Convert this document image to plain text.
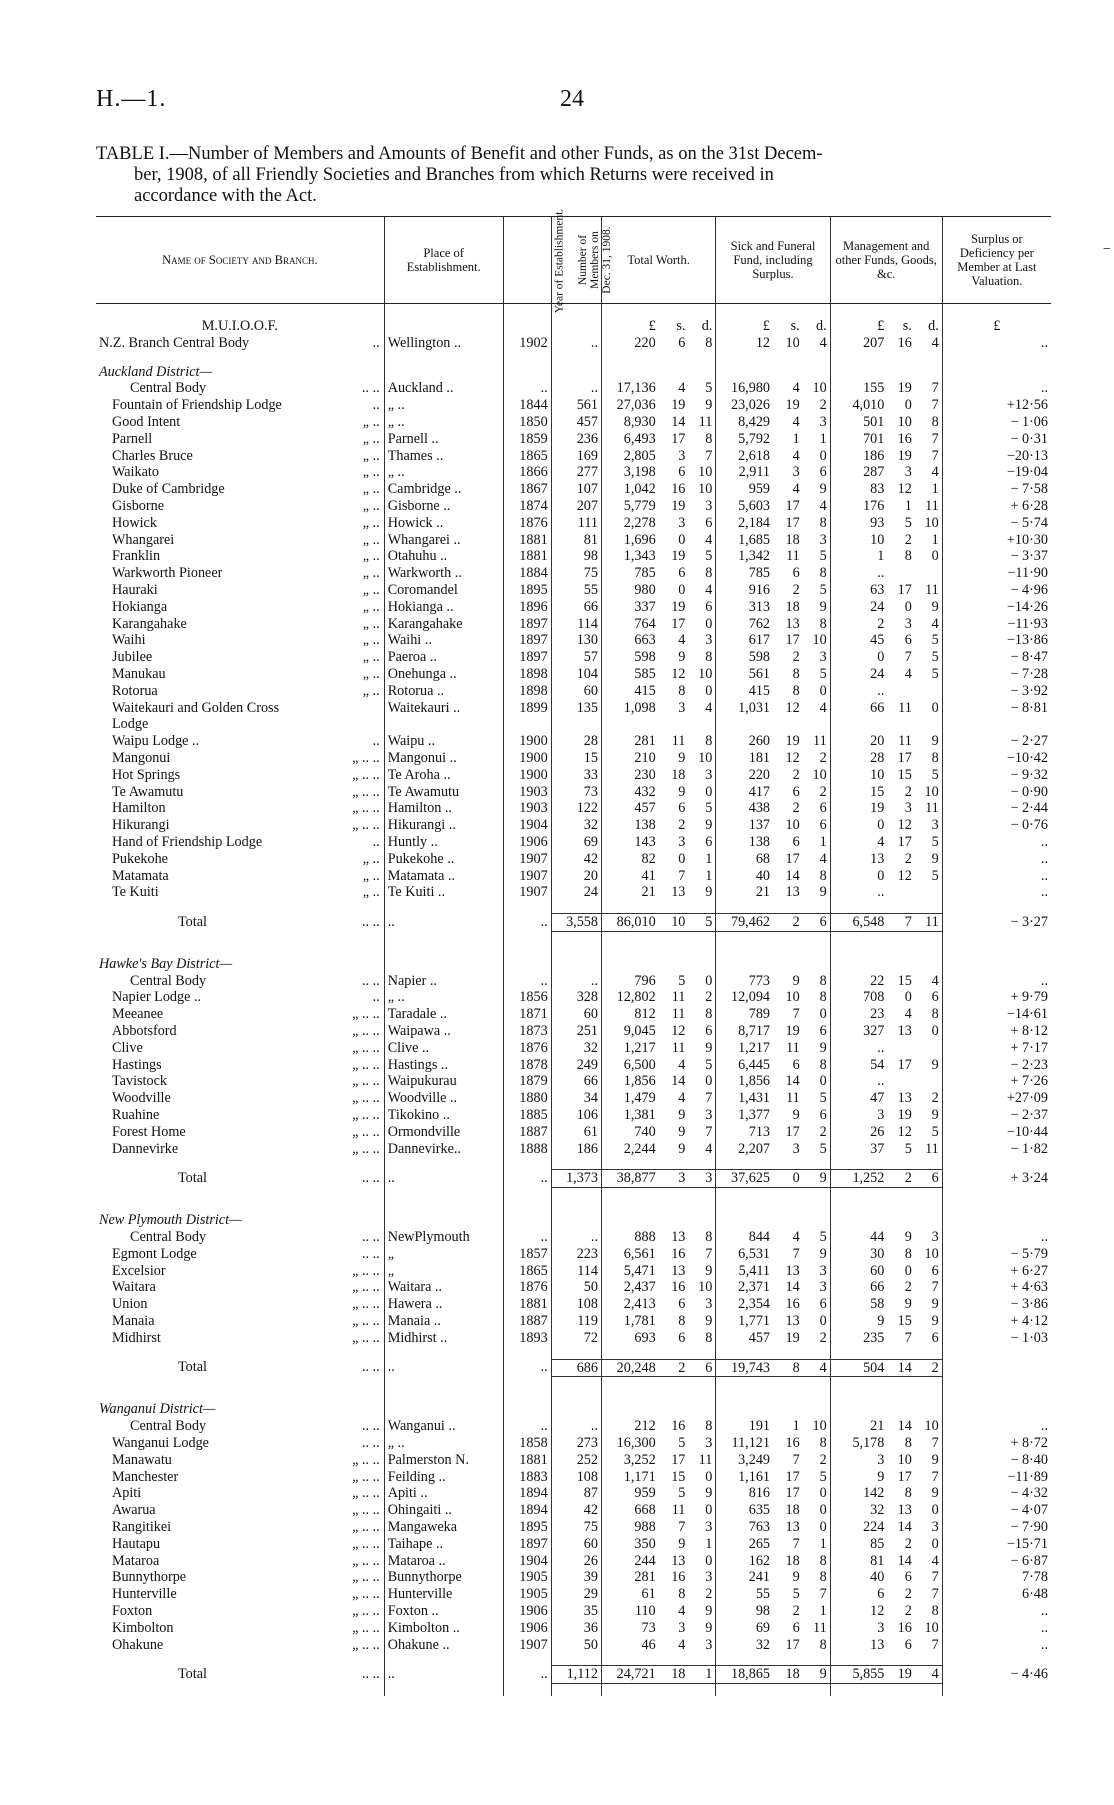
H.—1.	24
TABLE I.—Number of Members and Amounts of Benefit and other Funds, as on the 31st Decem-
ber, 1908, of all Friendly Societies and Branches from which Returns were received in
accordance with the Act.
−
Name of Society and Branch.	Place of Establishment.	Year of Establishment.	Number of Members on Dec. 31, 1908.	Total Worth.			Sick and Funeral Fund, including Surplus.			Management and other Funds, Goods, &c.			Surplus or Deficiency per Member at Last Valuation.
M.U.I.O.O.F.				£	s.	d.	£	s.	d.	£	s.	d.	£
N.Z. Branch Central Body ..	Wellington ..	1902	..	220	6	8	12	10	4	207	16	4	..

Auckland District—													
Central Body .. ..	Auckland ..	..	..	17,136	4	5	16,980	4	10	155	19	7	..
Fountain of Friendship Lodge ..	„ ..	1844	561	27,036	19	9	23,026	19	2	4,010	0	7	+12·56
Good Intent „ ..	„ ..	1850	457	8,930	14	11	8,429	4	3	501	10	8	− 1·06
Parnell „ ..	Parnell ..	1859	236	6,493	17	8	5,792	1	1	701	16	7	− 0·31
Charles Bruce „ ..	Thames ..	1865	169	2,805	3	7	2,618	4	0	186	19	7	−20·13
Waikato „ ..	„ ..	1866	277	3,198	6	10	2,911	3	6	287	3	4	−19·04
Duke of Cambridge „ ..	Cambridge ..	1867	107	1,042	16	10	959	4	9	83	12	1	− 7·58
Gisborne „ ..	Gisborne ..	1874	207	5,779	19	3	5,603	17	4	176	1	11	+ 6·28
Howick „ ..	Howick ..	1876	111	2,278	3	6	2,184	17	8	93	5	10	− 5·74
Whangarei „ ..	Whangarei ..	1881	81	1,696	0	4	1,685	18	3	10	2	1	+10·30
Franklin „ ..	Otahuhu ..	1881	98	1,343	19	5	1,342	11	5	1	8	0	− 3·37
Warkworth Pioneer „ ..	Warkworth ..	1884	75	785	6	8	785	6	8	..			−11·90
Hauraki „ ..	Coromandel	1895	55	980	0	4	916	2	5	63	17	11	− 4·96
Hokianga „ ..	Hokianga ..	1896	66	337	19	6	313	18	9	24	0	9	−14·26
Karangahake „ ..	Karangahake	1897	114	764	17	0	762	13	8	2	3	4	−11·93
Waihi „ ..	Waihi ..	1897	130	663	4	3	617	17	10	45	6	5	−13·86
Jubilee „ ..	Paeroa ..	1897	57	598	9	8	598	2	3	0	7	5	− 8·47
Manukau „ ..	Onehunga ..	1898	104	585	12	10	561	8	5	24	4	5	− 7·28
Rotorua „ ..	Rotorua ..	1898	60	415	8	0	415	8	0	..			− 3·92
Waitekauri and Golden Cross	Waitekauri ..	1899	135	1,098	3	4	1,031	12	4	66	11	0	− 8·81
Lodge													
Waipu Lodge .. ..	Waipu ..	1900	28	281	11	8	260	19	11	20	11	9	− 2·27
Mangonui „ .. ..	Mangonui ..	1900	15	210	9	10	181	12	2	28	17	8	−10·42
Hot Springs „ .. ..	Te Aroha ..	1900	33	230	18	3	220	2	10	10	15	5	− 9·32
Te Awamutu „ .. ..	Te Awamutu	1903	73	432	9	0	417	6	2	15	2	10	− 0·90
Hamilton „ .. ..	Hamilton ..	1903	122	457	6	5	438	2	6	19	3	11	− 2·44
Hikurangi „ .. ..	Hikurangi ..	1904	32	138	2	9	137	10	6	0	12	3	− 0·76
Hand of Friendship Lodge ..	Huntly ..	1906	69	143	3	6	138	6	1	4	17	5	..
Pukekohe „ ..	Pukekohe ..	1907	42	82	0	1	68	17	4	13	2	9	..
Matamata „ ..	Matamata ..	1907	20	41	7	1	40	14	8	0	12	5	..
Te Kuiti „ ..	Te Kuiti ..	1907	24	21	13	9	21	13	9	..			..

Total .. ..	..	..	3,558	86,010	10	5	79,462	2	6	6,548	7	11	− 3·27

Hawke's Bay District—													
Central Body .. ..	Napier ..	..	..	796	5	0	773	9	8	22	15	4	..
Napier Lodge .. ..	„ ..	1856	328	12,802	11	2	12,094	10	8	708	0	6	+ 9·79
Meeanee „ .. ..	Taradale ..	1871	60	812	11	8	789	7	0	23	4	8	−14·61
Abbotsford „ .. ..	Waipawa ..	1873	251	9,045	12	6	8,717	19	6	327	13	0	+ 8·12
Clive „ .. ..	Clive ..	1876	32	1,217	11	9	1,217	11	9	..			+ 7·17
Hastings „ .. ..	Hastings ..	1878	249	6,500	4	5	6,445	6	8	54	17	9	− 2·23
Tavistock „ .. ..	Waipukurau	1879	66	1,856	14	0	1,856	14	0	..			+ 7·26
Woodville „ .. ..	Woodville ..	1880	34	1,479	4	7	1,431	11	5	47	13	2	+27·09
Ruahine „ .. ..	Tikokino ..	1885	106	1,381	9	3	1,377	9	6	3	19	9	− 2·37
Forest Home „ .. ..	Ormondville	1887	61	740	9	7	713	17	2	26	12	5	−10·44
Dannevirke „ .. ..	Dannevirke..	1888	186	2,244	9	4	2,207	3	5	37	5	11	− 1·82

Total .. ..	..	..	1,373	38,877	3	3	37,625	0	9	1,252	2	6	+ 3·24

New Plymouth District—													
Central Body .. ..	NewPlymouth	..	..	888	13	8	844	4	5	44	9	3	..
Egmont Lodge .. ..	„	1857	223	6,561	16	7	6,531	7	9	30	8	10	− 5·79
Excelsior „ .. ..	„	1865	114	5,471	13	9	5,411	13	3	60	0	6	+ 6·27
Waitara „ .. ..	Waitara ..	1876	50	2,437	16	10	2,371	14	3	66	2	7	+ 4·63
Union „ .. ..	Hawera ..	1881	108	2,413	6	3	2,354	16	6	58	9	9	− 3·86
Manaia „ .. ..	Manaia ..	1887	119	1,781	8	9	1,771	13	0	9	15	9	+ 4·12
Midhirst „ .. ..	Midhirst ..	1893	72	693	6	8	457	19	2	235	7	6	− 1·03

Total .. ..	..	..	686	20,248	2	6	19,743	8	4	504	14	2	

Wanganui District—													
Central Body .. ..	Wanganui ..	..	..	212	16	8	191	1	10	21	14	10	..
Wanganui Lodge .. ..	„ ..	1858	273	16,300	5	3	11,121	16	8	5,178	8	7	+ 8·72
Manawatu „ .. ..	Palmerston N.	1881	252	3,252	17	11	3,249	7	2	3	10	9	− 8·40
Manchester „ .. ..	Feilding ..	1883	108	1,171	15	0	1,161	17	5	9	17	7	−11·89
Apiti „ .. ..	Apiti ..	1894	87	959	5	9	816	17	0	142	8	9	− 4·32
Awarua „ .. ..	Ohingaiti ..	1894	42	668	11	0	635	18	0	32	13	0	− 4·07
Rangitikei „ .. ..	Mangaweka	1895	75	988	7	3	763	13	0	224	14	3	− 7·90
Hautapu „ .. ..	Taihape ..	1897	60	350	9	1	265	7	1	85	2	0	−15·71
Mataroa „ .. ..	Mataroa ..	1904	26	244	13	0	162	18	8	81	14	4	− 6·87
Bunnythorpe „ .. ..	Bunnythorpe	1905	39	281	16	3	241	9	8	40	6	7	7·78
Hunterville „ .. ..	Hunterville	1905	29	61	8	2	55	5	7	6	2	7	6·48
Foxton „ .. ..	Foxton ..	1906	35	110	4	9	98	2	1	12	2	8	..
Kimbolton „ .. ..	Kimbolton ..	1906	36	73	3	9	69	6	11	3	16	10	..
Ohakune „ .. ..	Ohakune ..	1907	50	46	4	3	32	17	8	13	6	7	..

Total .. ..	..	..	1,112	24,721	18	1	18,865	18	9	5,855	19	4	− 4·46
